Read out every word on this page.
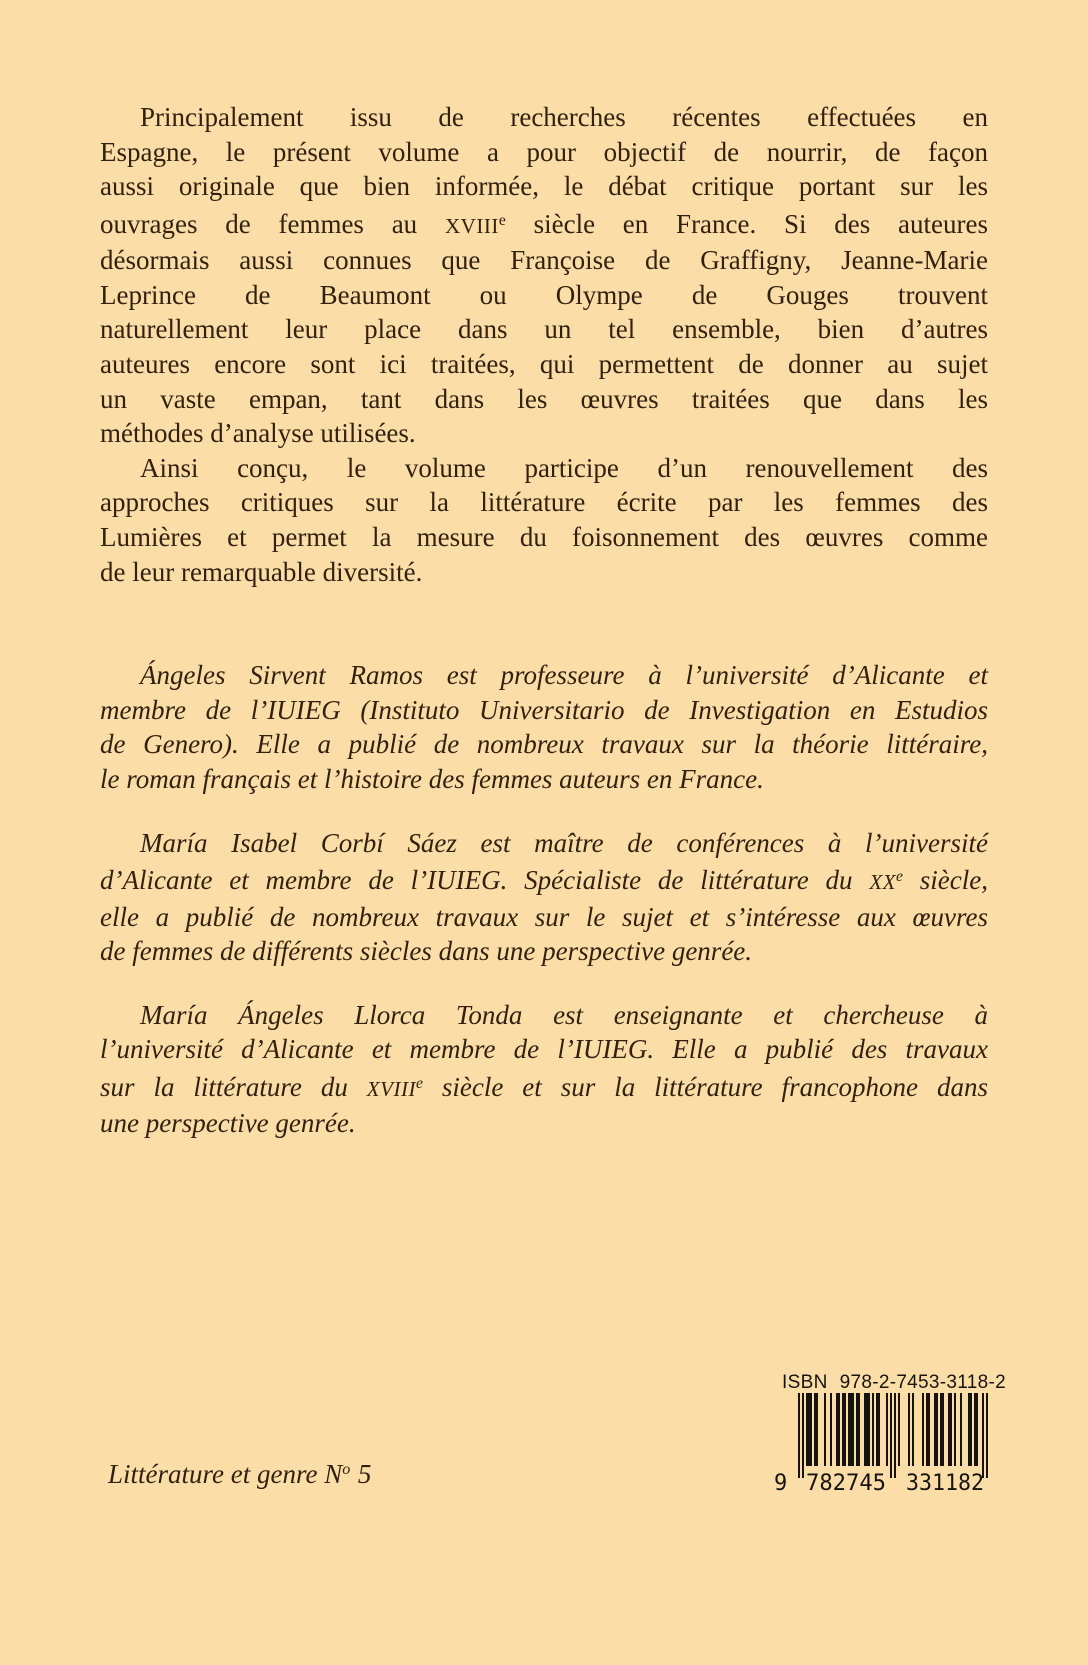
Principalement issu de recherches récentes effectuées en
Espagne, le présent volume a pour objectif de nourrir, de façon
aussi originale que bien informée, le débat critique portant sur les
ouvrages de femmes au XVIIIe siècle en France. Si des auteures
désormais aussi connues que Françoise de Graffigny, Jeanne-Marie
Leprince de Beaumont ou Olympe de Gouges trouvent
naturellement leur place dans un tel ensemble, bien d’autres
auteures encore sont ici traitées, qui permettent de donner au sujet
un vaste empan, tant dans les œuvres traitées que dans les
méthodes d’analyse utilisées.
Ainsi conçu, le volume participe d’un renouvellement des
approches critiques sur la littérature écrite par les femmes des
Lumières et permet la mesure du foisonnement des œuvres comme
de leur remarquable diversité.
Ángeles Sirvent Ramos est professeure à l’université d’Alicante et
membre de l’IUIEG (Instituto Universitario de Investigation en Estudios
de Genero). Elle a publié de nombreux travaux sur la théorie littéraire,
le roman français et l’histoire des femmes auteurs en France.
María Isabel Corbí Sáez est maître de conférences à l’université
d’Alicante et membre de l’IUIEG. Spécialiste de littérature du XXe siècle,
elle a publié de nombreux travaux sur le sujet et s’intéresse aux œuvres
de femmes de différents siècles dans une perspective genrée.
María Ángeles Llorca Tonda est enseignante et chercheuse à
l’université d’Alicante et membre de l’IUIEG. Elle a publié des travaux
sur la littérature du XVIIIe siècle et sur la littérature francophone dans
une perspective genrée.
Littérature et genre $N^o$ 5
ISBN 978-2-7453-3118-2
9 782745 331182
